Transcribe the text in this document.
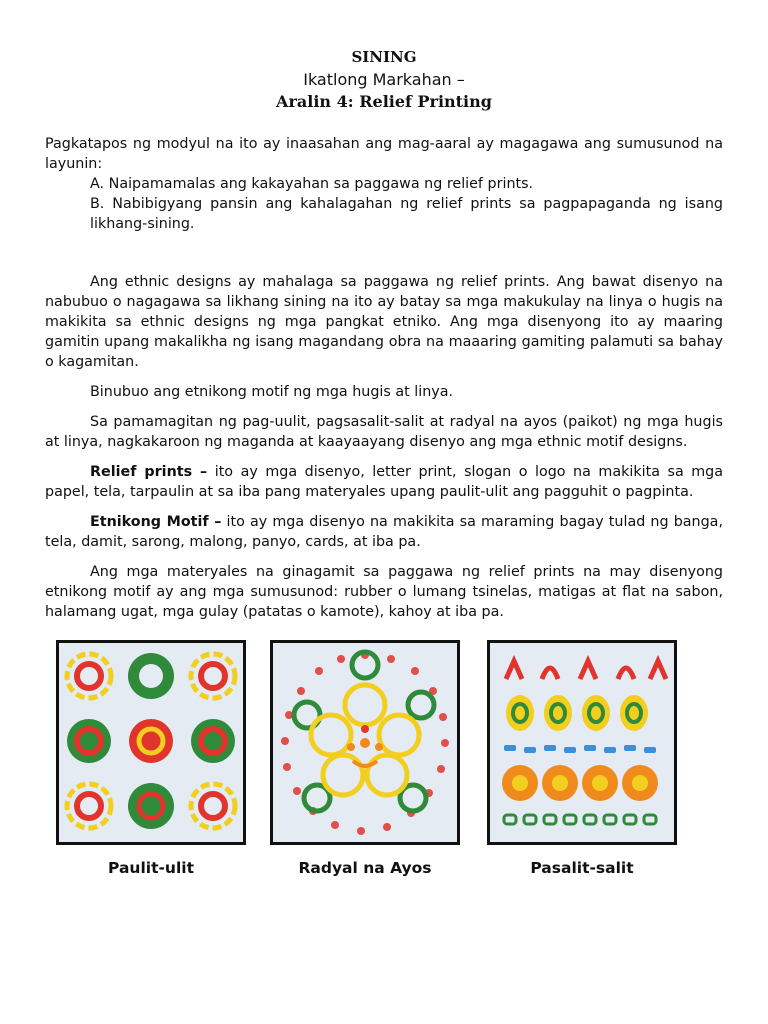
SINING
Ikatlong Markahan –
Aralin 4: Relief Printing

Pagkatapos ng modyul na ito ay inaasahan ang mag-aaral ay magagawa ang sumusunod na layunin:

A. Naipamamalas ang kakayahan sa paggawa ng relief prints.

B. Nabibigyang pansin ang kahalagahan ng relief prints sa pagpapaganda ng isang likhang-sining.

Ang ethnic designs ay mahalaga sa paggawa ng relief prints. Ang bawat disenyo na nabubuo o nagagawa sa likhang sining na ito ay batay sa mga makukulay na linya o hugis na makikita sa ethnic designs ng mga pangkat etniko. Ang mga disenyong ito ay maaring gamitin upang makalikha ng isang magandang obra na maaaring gamiting palamuti sa bahay o kagamitan.

Binubuo ang etnikong motif ng mga hugis at linya.

Sa pamamagitan ng pag-uulit, pagsasalit-salit at radyal na ayos (paikot) ng mga hugis at linya, nagkakaroon ng maganda at kaayaayang disenyo ang mga ethnic motif designs.

Relief prints – ito ay mga disenyo, letter print, slogan o logo na makikita sa mga papel, tela, tarpaulin at sa iba pang materyales upang paulit-ulit ang pagguhit o pagpinta.

Etnikong Motif – ito ay mga disenyo na makikita sa maraming bagay tulad ng banga, tela, damit, sarong, malong, panyo, cards, at iba pa.

Ang mga materyales na ginagamit sa paggawa ng relief prints na may disenyong etnikong motif ay ang mga sumusunod: rubber o lumang tsinelas, matigas at flat na sabon, halamang ugat, mga gulay (patatas o kamote), kahoy at iba pa.

Paulit-ulit	Radyal na Ayos	Pasalit-salit
